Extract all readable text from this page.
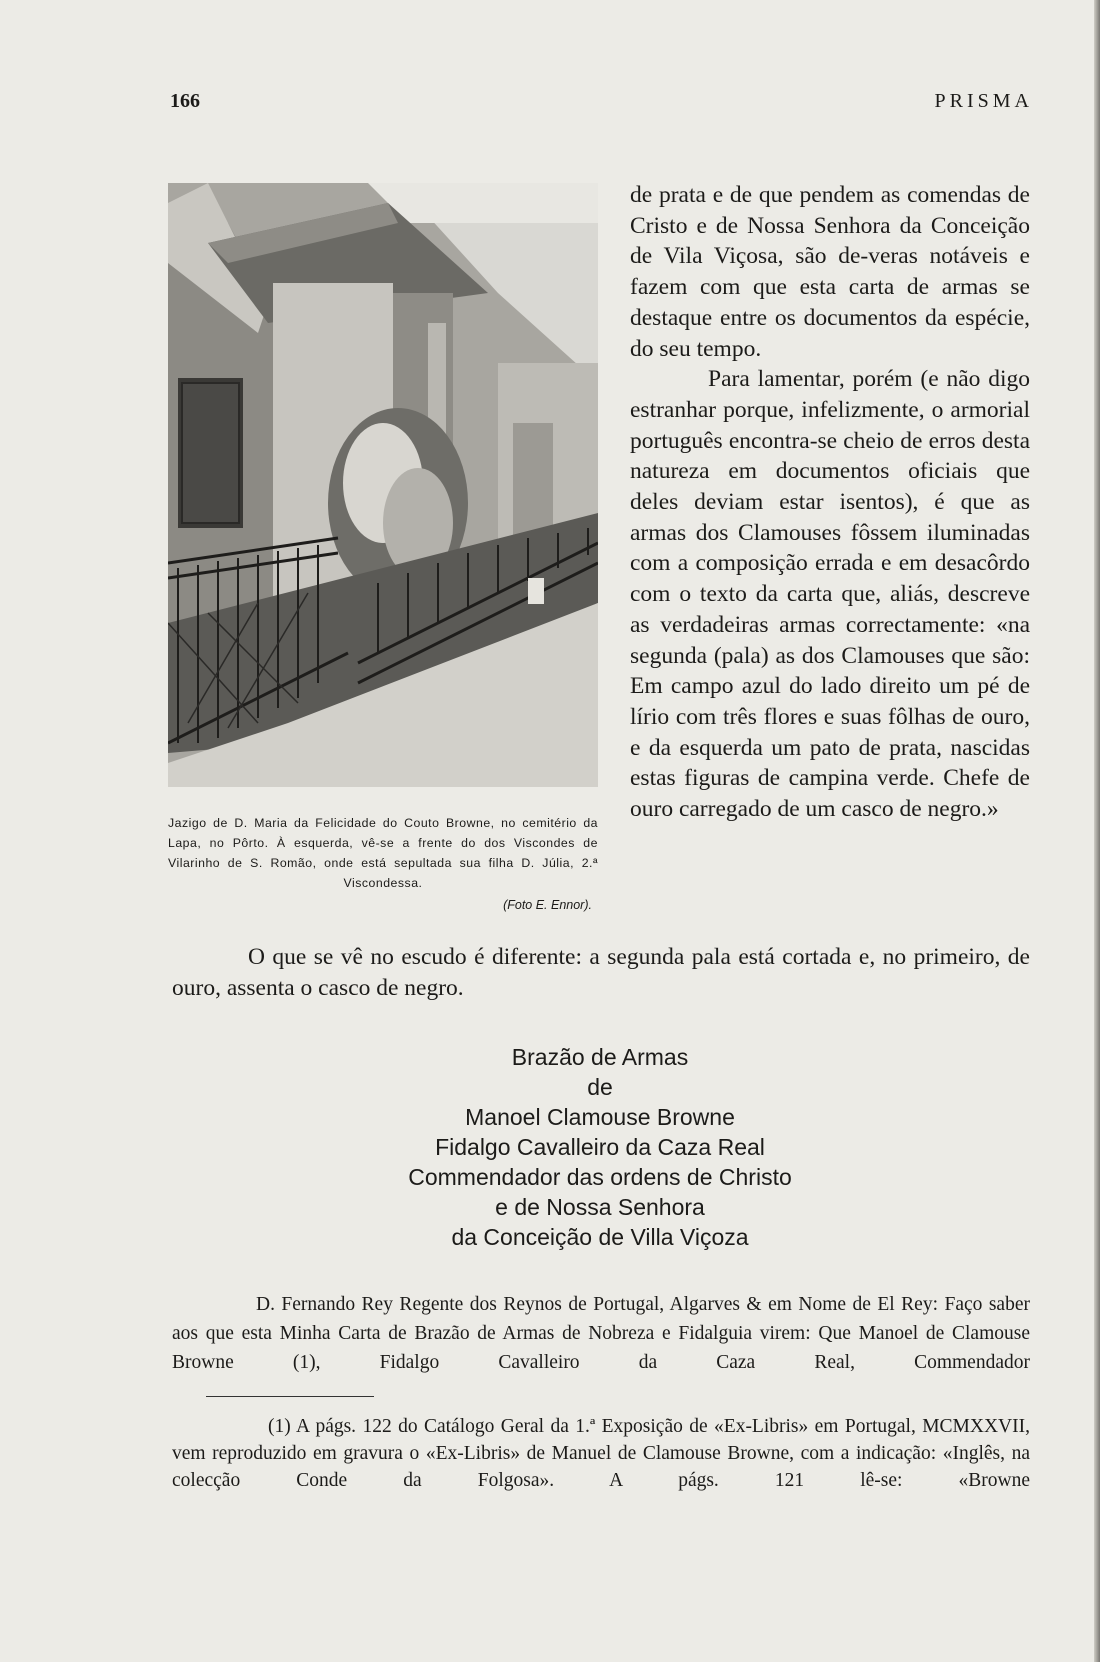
166	PRISMA
Jazigo de D. Maria da Felicidade do Couto Browne, no cemitério da Lapa, no Pôrto. À esquerda, vê-se a frente do dos Viscondes de Vilarinho de S. Romão, onde está sepultada sua filha D. Júlia, 2.ª Viscondessa.
(Foto E. Ennor).

de prata e de que pendem as comendas de Cristo e de Nossa Senhora da Conceição de Vila Viçosa, são de-veras notáveis e fazem com que esta carta de armas se destaque entre os documentos da espécie, do seu tempo.

Para lamentar, porém (e não digo estranhar porque, infelizmente, o armorial português encontra-se cheio de erros desta natureza em documentos oficiais que deles deviam estar isentos), é que as armas dos Clamouses fôssem iluminadas com a composição errada e em desacôrdo com o texto da carta que, aliás, descreve as verdadeiras armas correctamente: «na segunda (pala) as dos Clamouses que são: Em campo azul do lado direito um pé de lírio com três flores e suas fôlhas de ouro, e da esquerda um pato de prata, nascidas estas figuras de campina verde. Chefe de ouro carregado de um casco de negro.»

O que se vê no escudo é diferente: a segunda pala está cortada e, no primeiro, de ouro, assenta o casco de negro.

Brazão de Armas
de
Manoel Clamouse Browne
Fidalgo Cavalleiro da Caza Real
Commendador das ordens de Christo
e de Nossa Senhora
da Conceição de Villa Viçoza

D. Fernando Rey Regente dos Reynos de Portugal, Algarves & em Nome de El Rey: Faço saber aos que esta Minha Carta de Brazão de Armas de Nobreza e Fidalguia virem: Que Manoel de Clamouse Browne (1), Fidalgo Cavalleiro da Caza Real, Commendador

(1) A págs. 122 do Catálogo Geral da 1.ª Exposição de «Ex-Libris» em Portugal, MCMXXVII, vem reproduzido em gravura o «Ex-Libris» de Manuel de Clamouse Browne, com a indicação: «Inglês, na colecção Conde da Folgosa». A págs. 121 lê-se: «Browne
